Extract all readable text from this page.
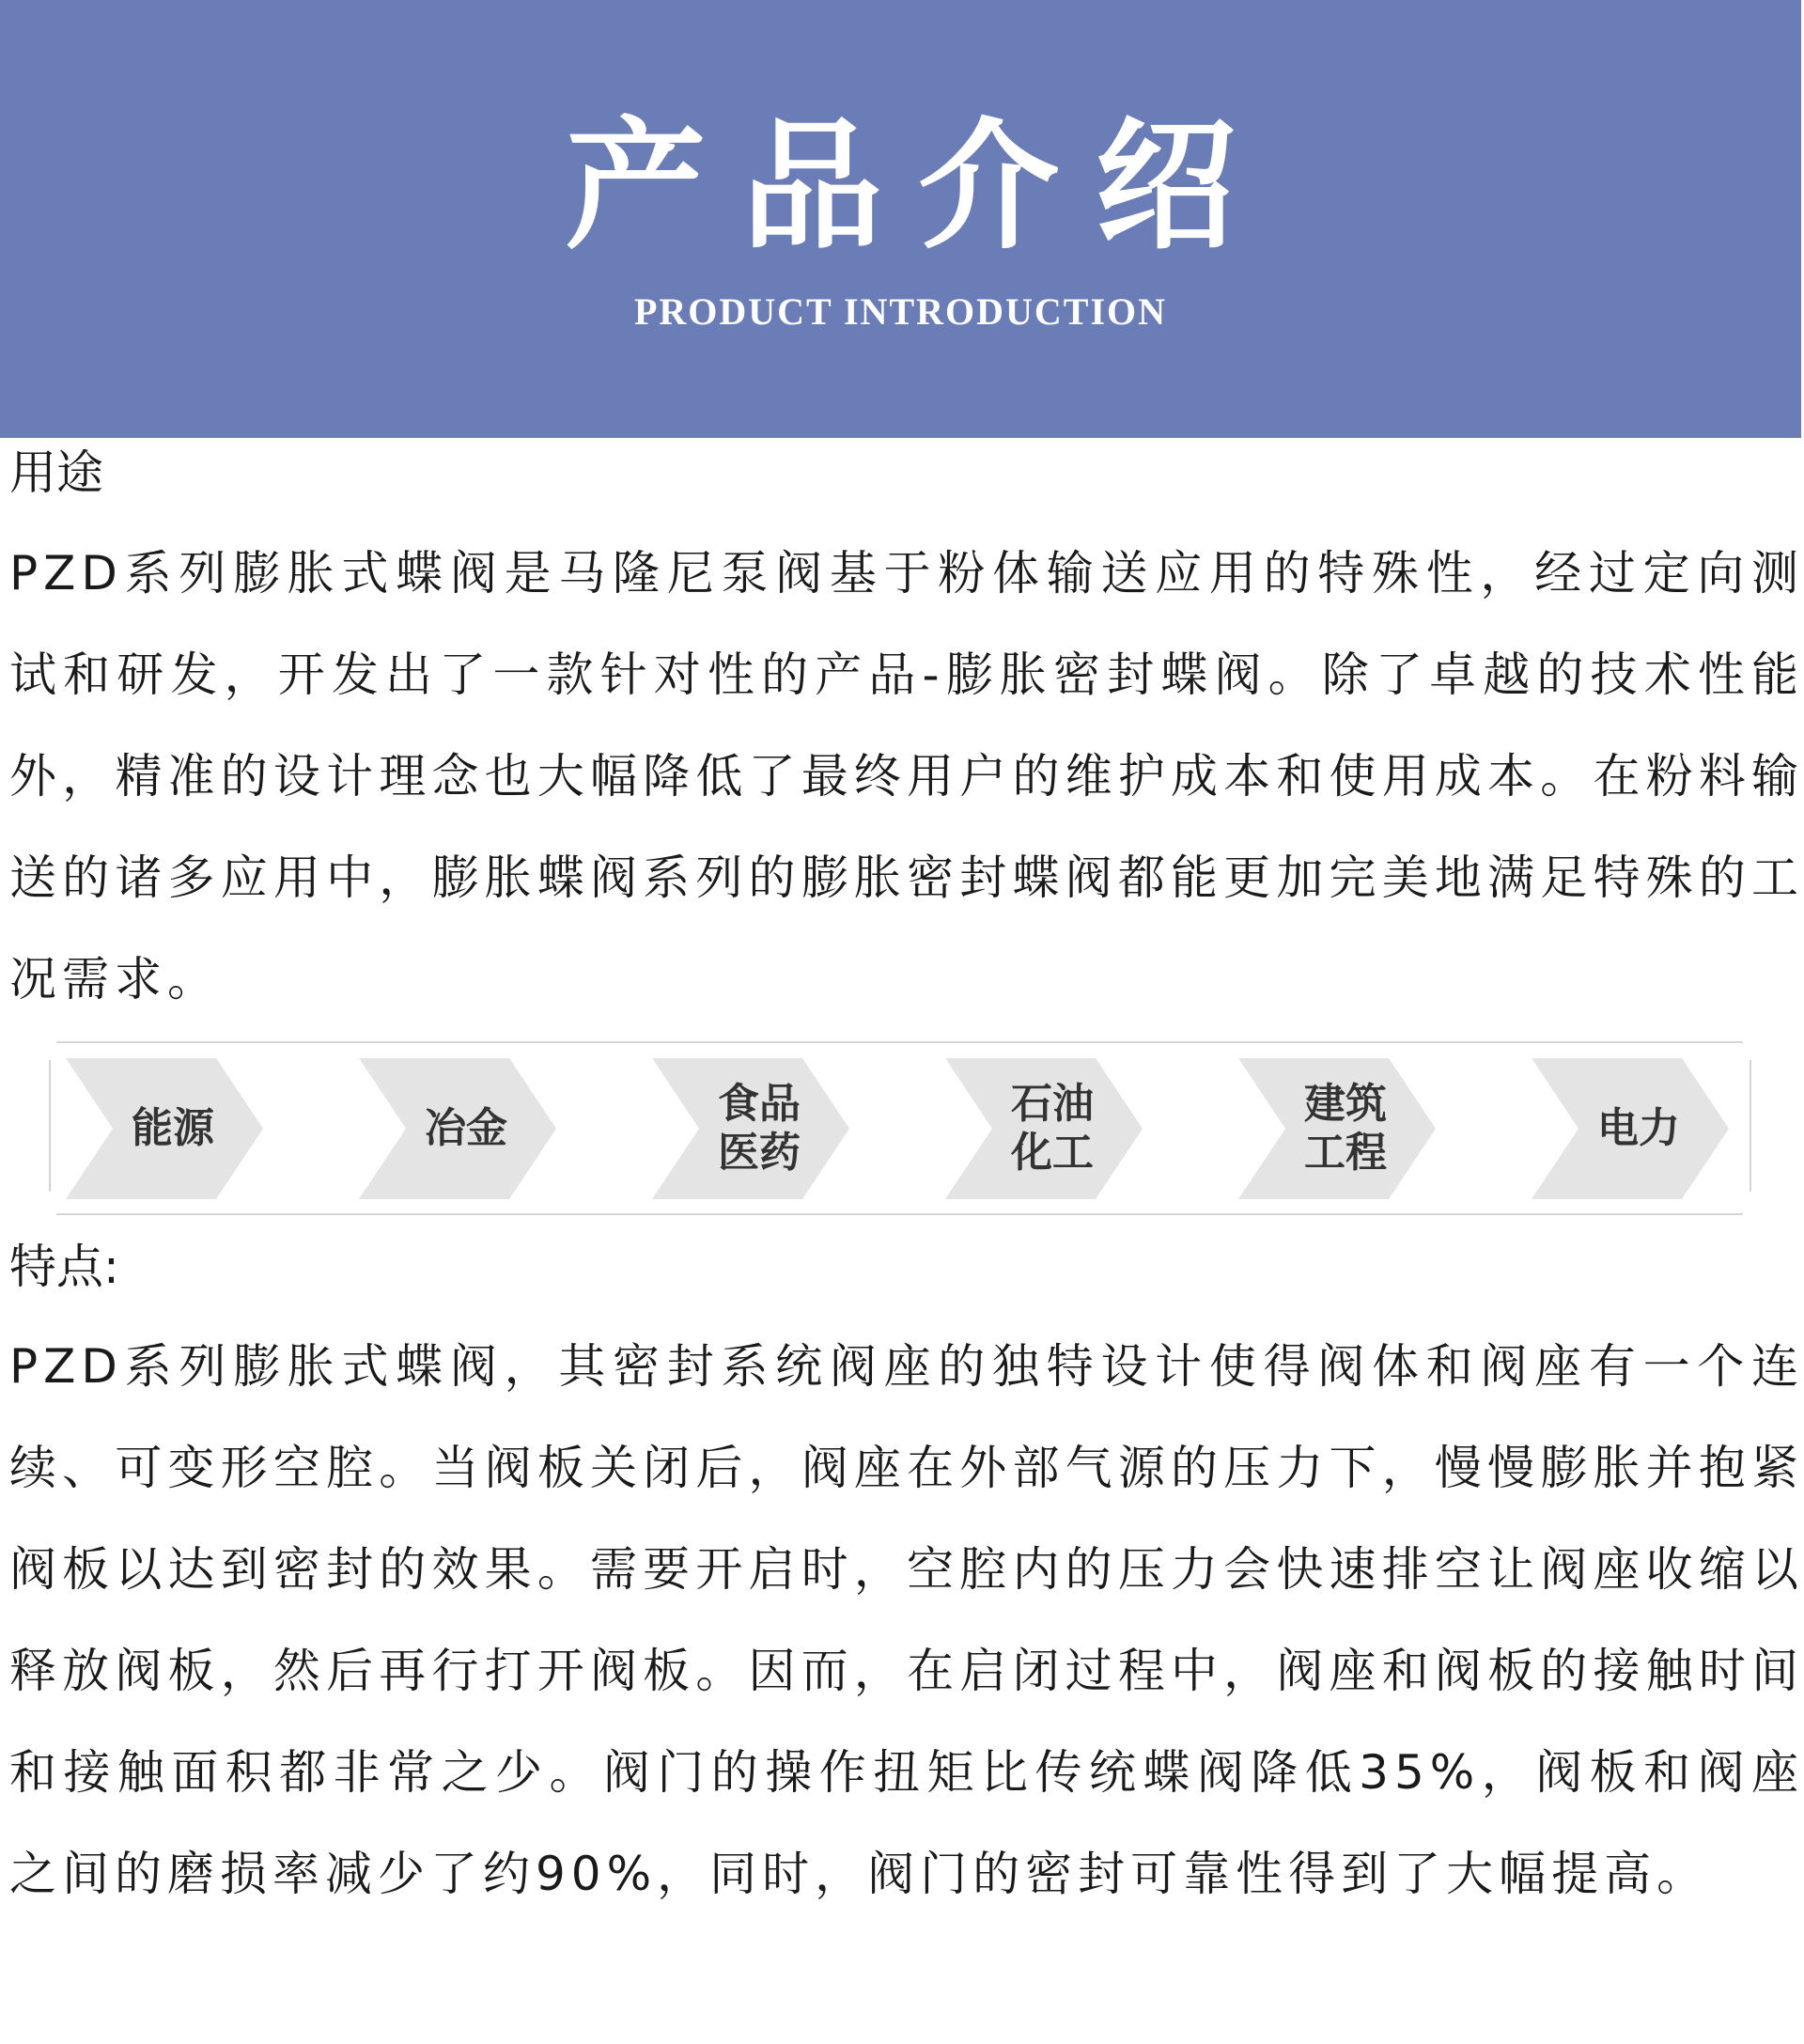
产品介绍
PRODUCT INTRODUCTION
用途
PZD系列膨胀式蝶阀是马隆尼泵阀基于粉体输送应用的特殊性，经过定向测试和研发，开发出了一款针对性的产品-膨胀密封蝶阀。除了卓越的技术性能外，精准的设计理念也大幅降低了最终用户的维护成本和使用成本。在粉料输送的诸多应用中，膨胀蝶阀系列的膨胀密封蝶阀都能更加完美地满足特殊的工况需求。
能源	冶金
食品
医药
石油
化工
建筑
工程
电力
特点:
PZD系列膨胀式蝶阀，其密封系统阀座的独特设计使得阀体和阀座有一个连续、可变形空腔。当阀板关闭后，阀座在外部气源的压力下，慢慢膨胀并抱紧阀板以达到密封的效果。需要开启时，空腔内的压力会快速排空让阀座收缩以释放阀板，然后再行打开阀板。因而，在启闭过程中，阀座和阀板的接触时间和接触面积都非常之少。阀门的操作扭矩比传统蝶阀降低35%，阀板和阀座之间的磨损率减少了约90%，同时，阀门的密封可靠性得到了大幅提高。
